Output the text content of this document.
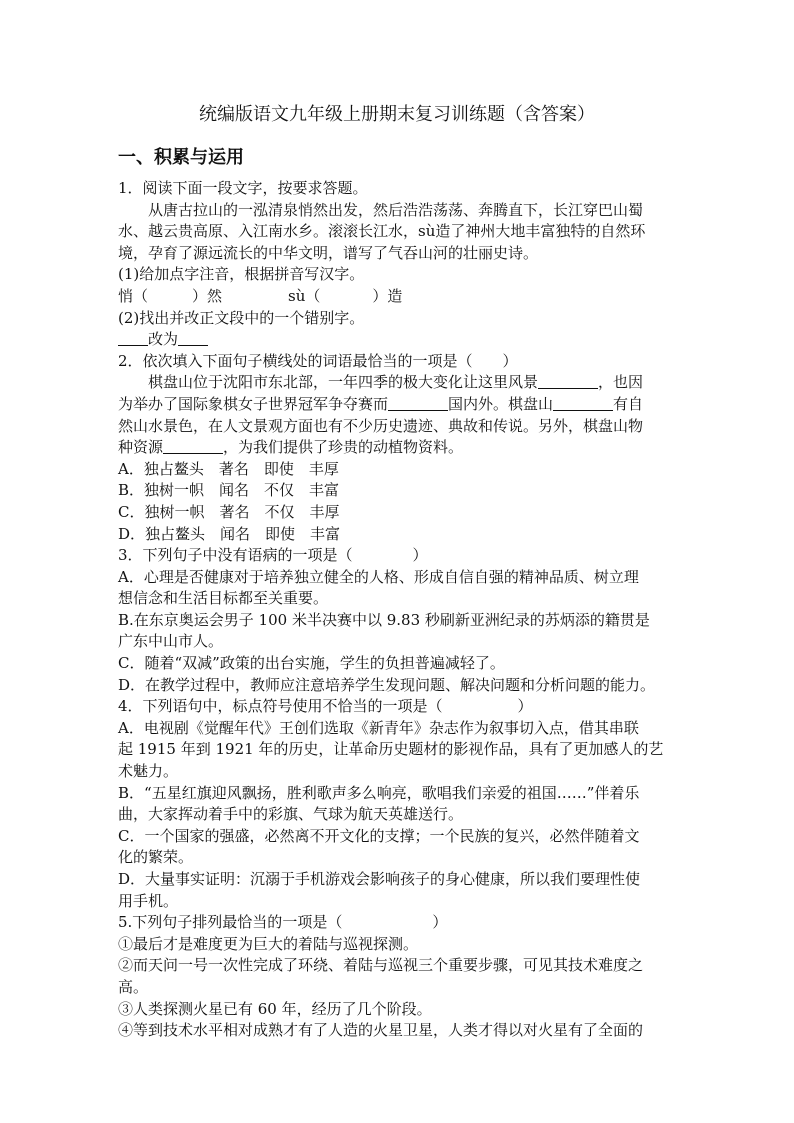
统编版语文九年级上册期末复习训练题（含答案）
一、积累与运用
1．阅读下面一段文字，按要求答题。
从唐古拉山的一泓清泉悄然出发，然后浩浩荡荡、奔腾直下，长江穿巴山蜀
水、越云贵高原、入江南水乡。滚滚长江水，sù造了神州大地丰富独特的自然环
境，孕育了源远流长的中华文明，谱写了气吞山河的壮丽史诗。
(1)给加点字注音，根据拼音写汉字。
悄（	）然	sù（	）造
(2)找出并改正文段中的一个错别字。
改为
2．依次填入下面句子横线处的词语最恰当的一项是（　　）
棋盘山位于沈阳市东北部，一年四季的极大变化让这里风景	，也因
为举办了国际象棋女子世界冠军争夺赛而	国内外。棋盘山	有自
然山水景色，在人文景观方面也有不少历史遗迹、典故和传说。另外，棋盘山物
种资源	，为我们提供了珍贵的动植物资料。
A．独占鳌头　著名　即使　丰厚
B．独树一帜　闻名　不仅　丰富
C．独树一帜　著名　不仅　丰厚
D．独占鳌头　闻名　即使　丰富
3．下列句子中没有语病的一项是（　　　　）
A．心理是否健康对于培养独立健全的人格、形成自信自强的精神品质、树立理
想信念和生活目标都至关重要。
B.在东京奥运会男子 100 米半决赛中以 9.83 秒刷新亚洲纪录的苏炳添的籍贯是
广东中山市人。
C．随着“双减”政策的出台实施，学生的负担普遍减轻了。
D．在教学过程中，教师应注意培养学生发现问题、解决问题和分析问题的能力。
4．下列语句中，标点符号使用不恰当的一项是（　　　　　）
A．电视剧《觉醒年代》王创们选取《新青年》杂志作为叙事切入点，借其串联
起 1915 年到 1921 年的历史，让革命历史题材的影视作品，具有了更加感人的艺
术魅力。
B．“五星红旗迎风飘扬，胜利歌声多么响亮，歌唱我们亲爱的祖国……”伴着乐
曲，大家挥动着手中的彩旗、气球为航天英雄送行。
C．一个国家的强盛，必然离不开文化的支撑；一个民族的复兴，必然伴随着文
化的繁荣。
D．大量事实证明：沉溺于手机游戏会影响孩子的身心健康，所以我们要理性使
用手机。
5.下列句子排列最恰当的一项是（　　　　　　）
①最后才是难度更为巨大的着陆与巡视探测。
②而天问一号一次性完成了环绕、着陆与巡视三个重要步骤，可见其技术难度之
高。
③人类探测火星已有 60 年，经历了几个阶段。
④等到技术水平相对成熟才有了人造的火星卫星，人类才得以对火星有了全面的
